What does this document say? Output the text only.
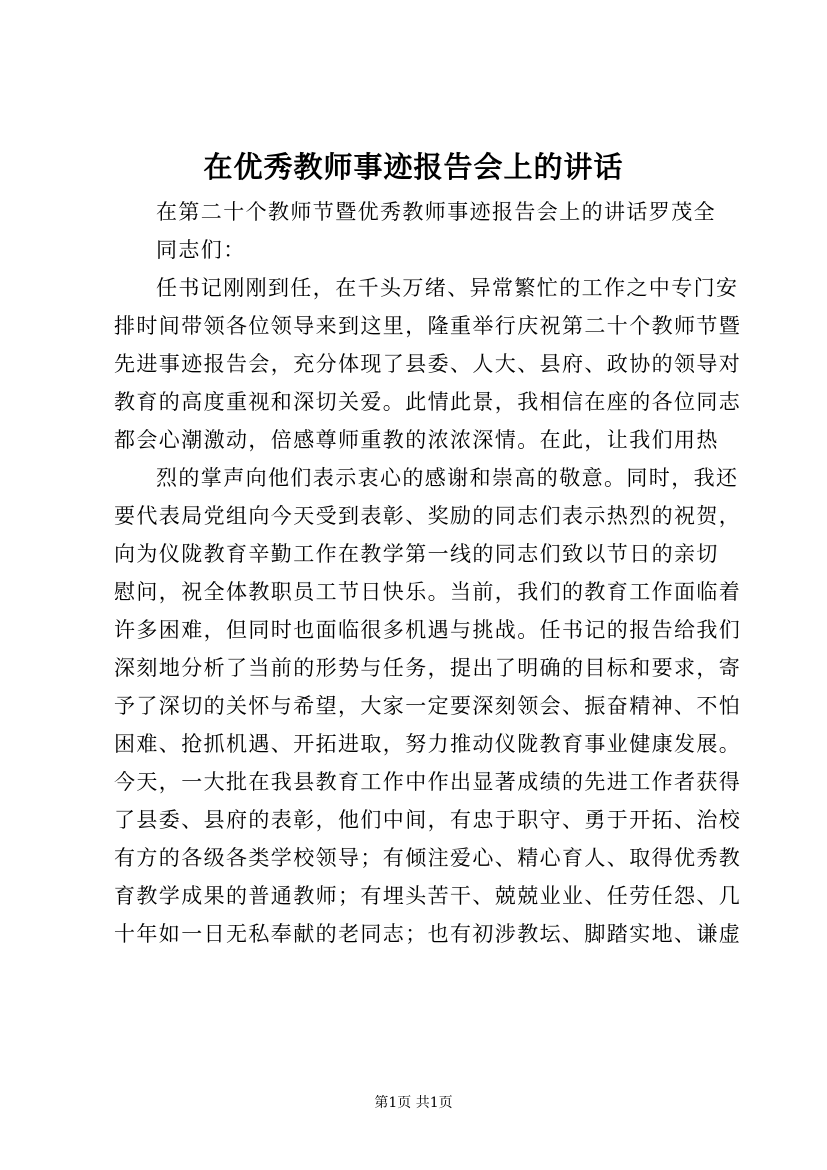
在优秀教师事迹报告会上的讲话
在第二十个教师节暨优秀教师事迹报告会上的讲话罗茂全
同志们：
任书记刚刚到任，在千头万绪、异常繁忙的工作之中专门安
排时间带领各位领导来到这里，隆重举行庆祝第二十个教师节暨
先进事迹报告会，充分体现了县委、人大、县府、政协的领导对
教育的高度重视和深切关爱。此情此景，我相信在座的各位同志
都会心潮激动，倍感尊师重教的浓浓深情。在此，让我们用热
烈的掌声向他们表示衷心的感谢和崇高的敬意。同时，我还
要代表局党组向今天受到表彰、奖励的同志们表示热烈的祝贺，
向为仪陇教育辛勤工作在教学第一线的同志们致以节日的亲切
慰问，祝全体教职员工节日快乐。当前，我们的教育工作面临着
许多困难，但同时也面临很多机遇与挑战。任书记的报告给我们
深刻地分析了当前的形势与任务，提出了明确的目标和要求，寄
予了深切的关怀与希望，大家一定要深刻领会、振奋精神、不怕
困难、抢抓机遇、开拓进取，努力推动仪陇教育事业健康发展。
今天，一大批在我县教育工作中作出显著成绩的先进工作者获得
了县委、县府的表彰，他们中间，有忠于职守、勇于开拓、治校
有方的各级各类学校领导；有倾注爱心、精心育人、取得优秀教
育教学成果的普通教师；有埋头苦干、兢兢业业、任劳任怨、几
十年如一日无私奉献的老同志；也有初涉教坛、脚踏实地、谦虚
第1页 共1页
